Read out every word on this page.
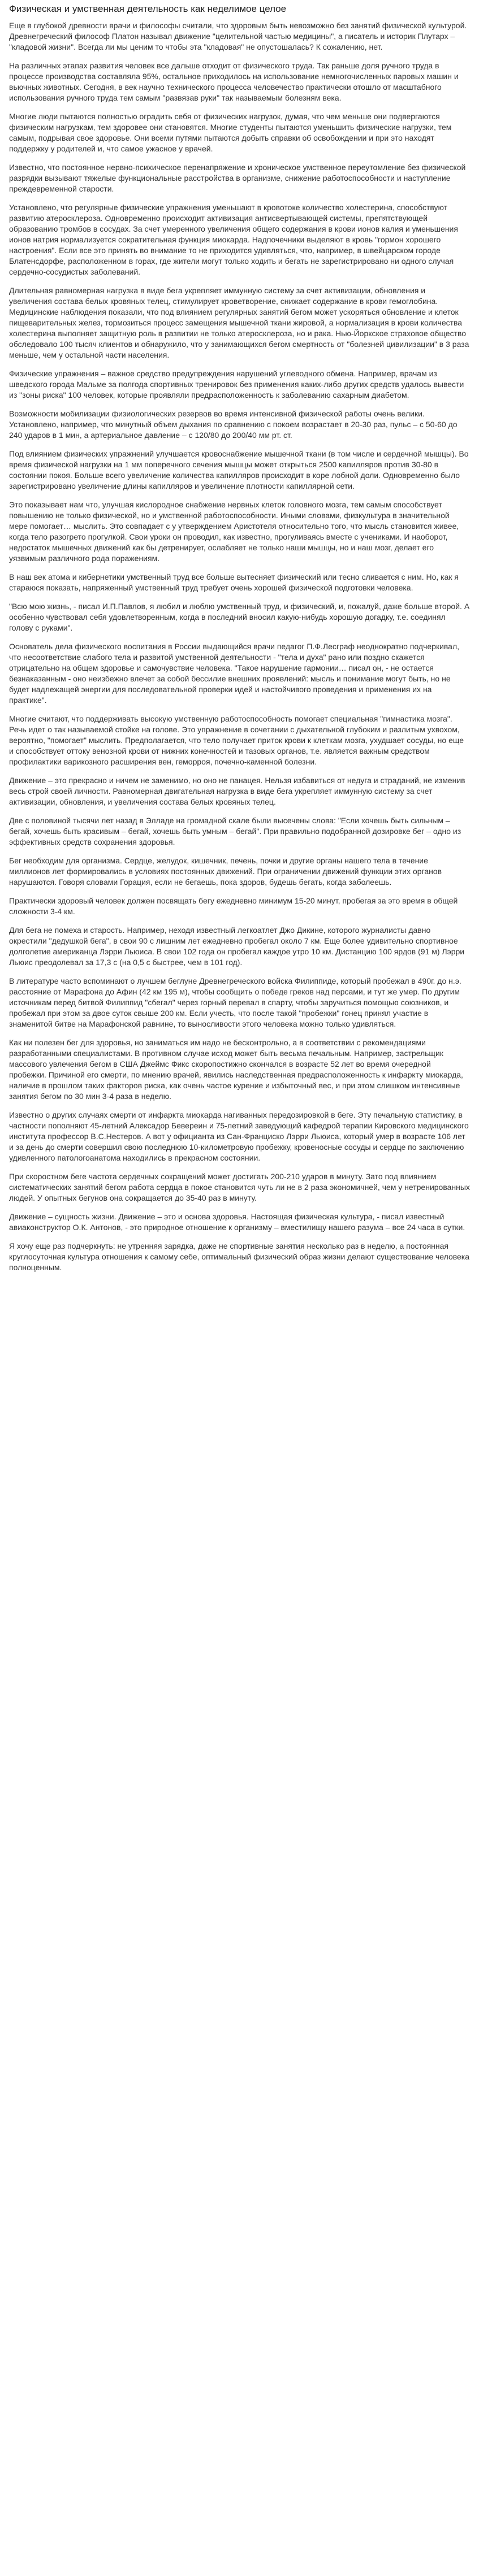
Физическая и умственная деятельность как неделимое целое

Еще в глубокой древности врачи и философы считали, что здоровым быть невозможно без занятий физической культурой. Древнегреческий философ Платон называл движение "целительной частью медицины", а писатель и историк Плутарх – "кладовой жизни". Всегда ли мы ценим то чтобы эта "кладовая" не опустошалась? К сожалению, нет.

На различных этапах развития человек все дальше отходит от физического труда. Так раньше доля ручного труда в процессе производства составляла 95%, остальное приходилось на использование немногочисленных паровых машин и вьючных животных. Сегодня, в век научно технического процесса человечество практически отошло от масштабного использования ручного труда тем самым "развязав руки" так называемым болезням века.

Многие люди пытаются полностью оградить себя от физических нагрузок, думая, что чем меньше они подвергаются физическим нагрузкам, тем здоровее они становятся. Многие студенты пытаются уменьшить физические нагрузки, тем самым, подрывая свое здоровье. Они всеми путями пытаются добыть справки об освобождении и при это находят поддержку у родителей и, что самое ужасное у врачей.

Известно, что постоянное нервно-психическое перенапряжение и хроническое умственное переутомление без физической разрядки вызывают тяжелые функциональные расстройства в организме, снижение работоспособности и наступление преждевременной старости.

Установлено, что регулярные физические упражнения уменьшают в кровотоке количество холестерина, способствуют развитию атеросклероза. Одновременно происходит активизация антисвертывающей системы, препятствующей образованию тромбов в сосудах. За счет умеренного увеличения общего содержания в крови ионов калия и уменьшения ионов натрия нормализуется сократительная функция миокарда. Надпочечники выделяют в кровь "гормон хорошего настроения". Если все это принять во внимание то не приходится удивляться, что, например, в швейцарском городе Блатенсдорфе, расположенном в горах, где жители могут только ходить и бегать не зарегистрировано ни одного случая сердечно-сосудистых заболеваний.

Длительная равномерная нагрузка в виде бега укрепляет иммунную систему за счет активизации, обновления и увеличения состава белых кровяных телец, стимулирует кроветворение, снижает содержание в крови гемоглобина. Медицинские наблюдения показали, что под влиянием регулярных занятий бегом может ускоряться обновление и клеток пищеварительных желез, тормозиться процесс замещения мышечной ткани жировой, а нормализация в крови количества холестерина выполняет защитную роль в развитии не только атеросклероза, но и рака. Нью-Йоркское страховое общество обследовало 100 тысяч клиентов и обнаружило, что у занимающихся бегом смертность от "болезней цивилизации" в 3 раза меньше, чем у остальной части населения.

Физические упражнения – важное средство предупреждения нарушений углеводного обмена. Например, врачам из шведского города Мальме за полгода спортивных тренировок без применения каких-либо других средств удалось вывести из "зоны риска" 100 человек, которые проявляли предрасположенность к заболеванию сахарным диабетом.

Возможности мобилизации физиологических резервов во время интенсивной физической работы очень велики. Установлено, например, что минутный объем дыхания по сравнению с покоем возрастает в 20-30 раз, пульс – с 50-60 до 240 ударов в 1 мин, а артериальное давление – с 120/80 до 200/40 мм рт. ст.

Под влиянием физических упражнений улучшается кровоснабжение мышечной ткани (в том числе и сердечной мышцы). Во время физической нагрузки на 1 мм поперечного сечения мышцы может открыться 2500 капилляров против 30-80 в состоянии покоя. Больше всего увеличение количества капилляров происходит в коре лобной доли. Одновременно было зарегистрировано увеличение длины капилляров и увеличение плотности капиллярной сети.

Это показывает нам что, улучшая кислородное снабжение нервных клеток головного мозга, тем самым способствует повышению не только физической, но и умственной работоспособности. Иными словами, физкультура в значительной мере помогает… мыслить. Это совпадает с у утверждением Аристотеля относительно того, что мысль становится живее, когда тело разогрето прогулкой. Свои уроки он проводил, как известно, прогуливаясь вместе с учениками. И наоборот, недостаток мышечных движений как бы детренирует, ослабляет не только наши мышцы, но и наш мозг, делает его уязвимым различного рода поражениям.

В наш век атома и кибернетики умственный труд все больше вытесняет физический или тесно сливается с ним. Но, как я стараюся показать, напряженный умственный труд требует очень хорошей физической подготовки человека.

"Всю мою жизнь, - писал И.П.Павлов, я любил и люблю умственный труд, и физический, и, пожалуй, даже больше второй. А особенно чувствовал себя удовлетворенным, когда в последний вносил какую-нибудь хорошую догадку, т.е. соединял голову с руками".

Основатель дела физического воспитания в России выдающийся врачи педагог П.Ф.Лесграф неоднократно подчеркивал, что несоответствие слабого тела и развитой умственной деятельности - "тела и духа" рано или поздно скажется отрицательно на общем здоровье и самочувствие человека. "Такое нарушение гармонии… писал он, - не остается безнаказанным - оно неизбежно влечет за собой бессилие внешних проявлений: мысль и понимание могут быть, но не будет надлежащей энергии для последовательной проверки идей и настойчивого проведения и применения их на практике".

Многие считают, что поддерживать высокую умственную работоспособность помогает специальная "гимнастика мозга". Речь идет о так называемой стойке на голове. Это упражнение в сочетании с дыхательной глубоким и разлитым ухвохом, вероятно, "помогает" мыслить. Предполагается, что тело получает приток крови к клеткам мозга, ухудшает сосуды, но еще и способствует оттоку венозной крови от нижних конечностей и тазовых органов, т.е. является важным средством профилактики варикозного расширения вен, геморроя, почечно-каменной болезни.

Движение – это прекрасно и ничем не заменимо, но оно не панацея. Нельзя избавиться от недуга и страданий, не изменив весь строй своей личности. Равномерная двигательная нагрузка в виде бега укрепляет иммунную систему за счет активизации, обновления, и увеличения состава белых кровяных телец.

Две с половиной тысячи лет назад в Элладе на громадной скале были высечены слова: "Если хочешь быть сильным – бегай, хочешь быть красивым – бегай, хочешь быть умным – бегай". При правильно подобранной дозировке бег – одно из эффективных средств сохранения здоровья.

Бег необходим для организма. Сердце, желудок, кишечник, печень, почки и другие органы нашего тела в течение миллионов лет формировались в условиях постоянных движений. При ограничении движений функции этих органов нарушаются. Говоря словами Горация, если не бегаешь, пока здоров, будешь бегать, когда заболеешь.

Практически здоровый человек должен посвящать бегу ежедневно минимум 15-20 минут, пробегая за это время в общей сложности 3-4 км.

Для бега не помеха и старость. Например, неходя известный легкоатлет Джо Дикине, которого журналисты давно окрестили "дедушкой бега", в свои 90 с лишним лет ежедневно пробегал около 7 км. Еще более удивительно спортивное долголетие американца Лэрри Льюиса. В свои 102 года он пробегал каждое утро 10 км. Дистанцию 100 ярдов (91 м) Лэрри Льюис преодолевал за 17,3 с (на 0,5 с быстрее, чем в 101 год).

В литературе часто вспоминают о лучшем беглуне Древнегреческого войска Филиппиде, который пробежал в 490г. до н.э. расстояние от Марафона до Афин (42 км 195 м), чтобы сообщить о победе греков над персами, и тут же умер. По другим источникам перед битвой Филиппид "сбегал" через горный перевал в спарту, чтобы заручиться помощью союзников, и пробежал при этом за двое суток свыше 200 км. Если учесть, что после такой "пробежки" гонец принял участие в знаменитой битве на Марафонской равнине, то выносливости этого человека можно только удивляться.

Как ни полезен бег для здоровья, но заниматься им надо не бесконтрольно, а в соответствии с рекомендациями разработанными специалистами. В противном случае исход может быть весьма печальным. Например, застрельщик массового увлечения бегом в США Джеймс Фикс скоропостижно скончался в возрасте 52 лет во время очередной пробежки. Причиной его смерти, по мнению врачей, явились наследственная предрасположенность к инфаркту миокарда, наличие в прошлом таких факторов риска, как очень частое курение и избыточный вес, и при этом слишком интенсивные занятия бегом по 30 мин 3-4 раза в неделю.

Известно о других случаях смерти от инфаркта миокарда нагиванных передозировкой в беге. Эту печальную статистику, в частности пополняют 45-летний Алексадор Бевереин и 75-летний заведующий кафедрой терапии Кировского медицинского института профессор В.С.Нестеров. А вот у официанта из Сан-Франциско Лэрри Льюиса, который умер в возрасте 106 лет и за день до смерти совершил свою последнюю 10-километровую пробежку, кровеносные сосуды и сердце по заключению удивленного патологоанатома находились в прекрасном состоянии.

При скоростном беге частота сердечных сокращений может достигать 200-210 ударов в минуту. Зато под влиянием систематических занятий бегом работа сердца в покое становится чуть ли не в 2 раза экономичней, чем у нетренированных людей. У опытных бегунов она сокращается до 35-40 раз в минуту.

Движение – сущность жизни. Движение – это и основа здоровья. Настоящая физическая культура, - писал известный авиаконструктор О.К. Антонов, - это природное отношение к организму – вместилищу нашего разума – все 24 часа в сутки.

Я хочу еще раз подчеркнуть: не утренняя зарядка, даже не спортивные занятия несколько раз в неделю, а постоянная круглосуточная культура отношения к самому себе, оптимальный физический образ жизни делают существование человека полноценным.
